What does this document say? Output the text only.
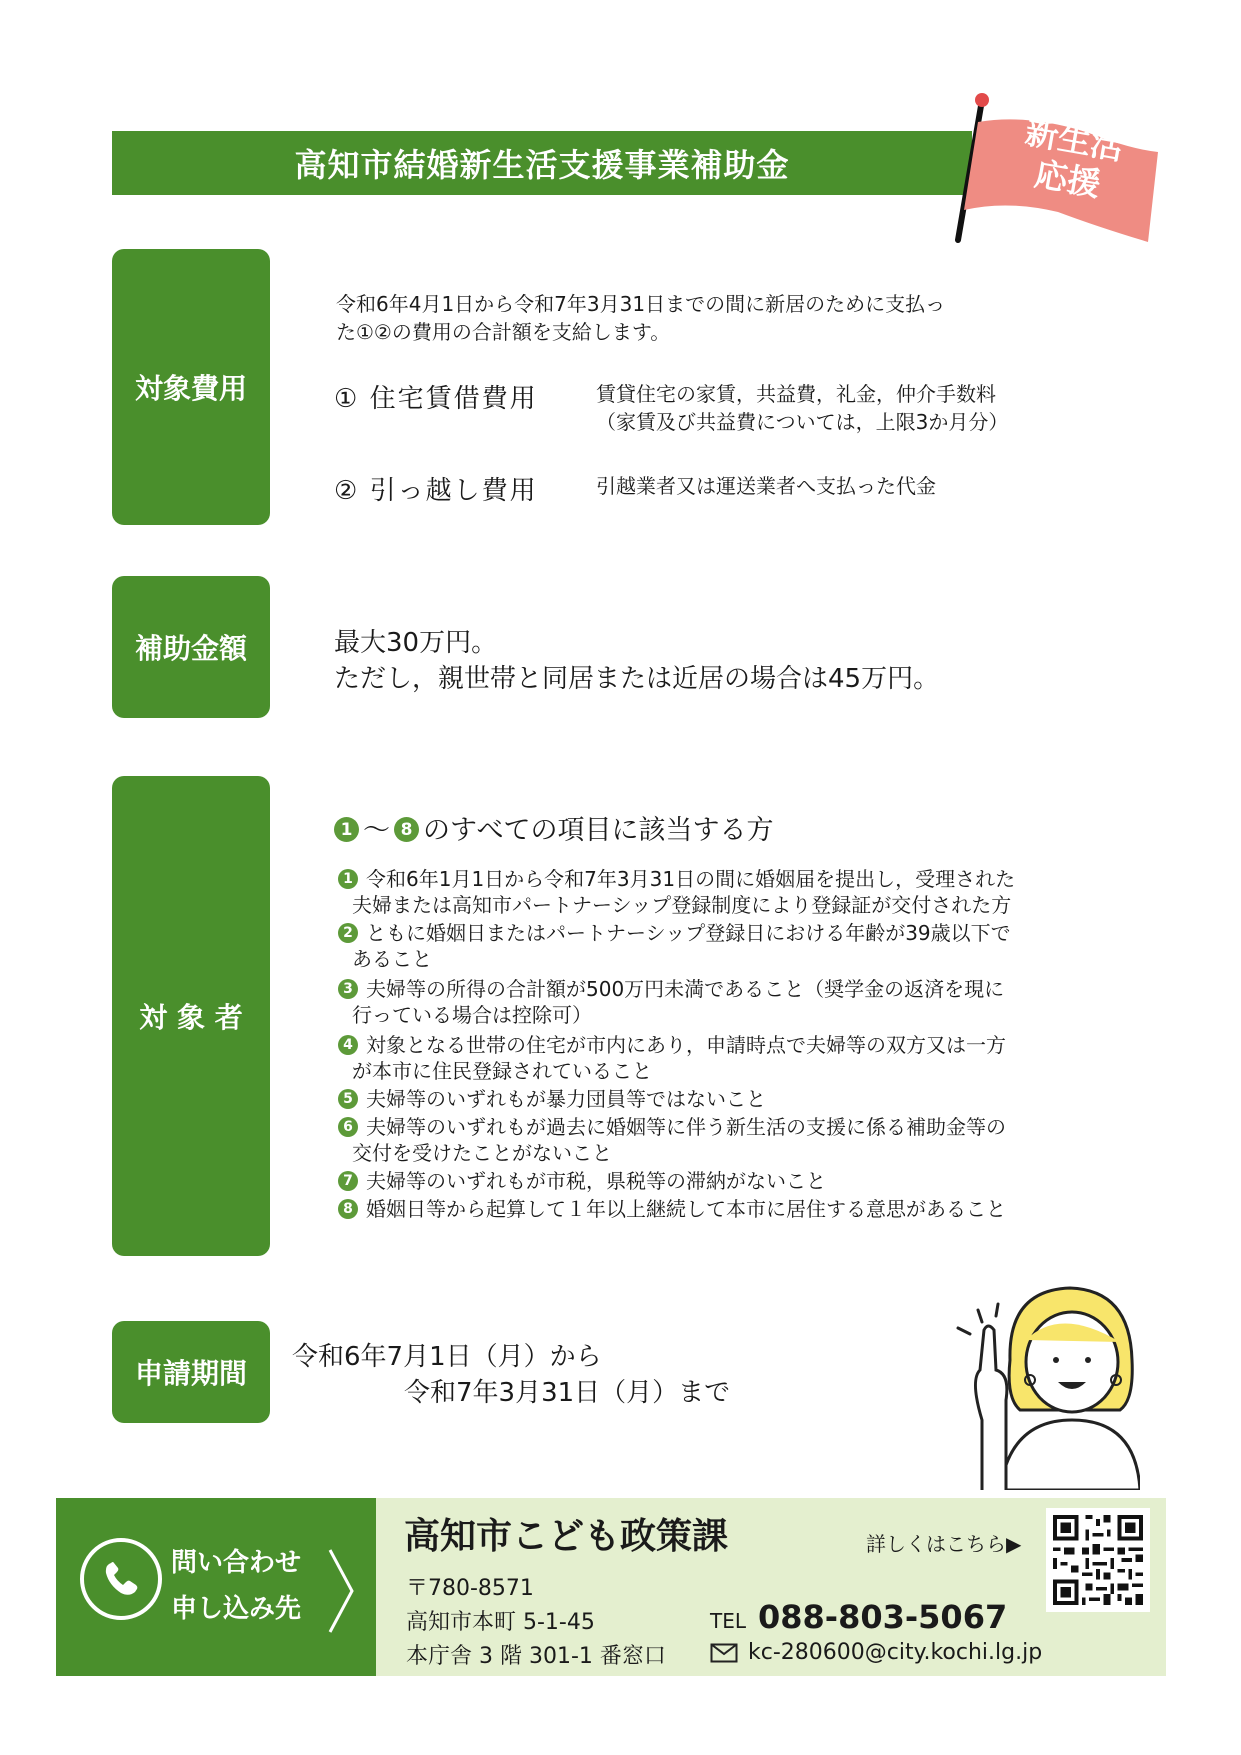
高知市結婚新生活支援事業補助金	新生活
応援
対象費用
令和6年4月1日から令和7年3月31日までの間に新居のために支払っ
た①②の費用の合計額を支給します。
① 住宅賃借費用	賃貸住宅の家賃，共益費，礼金，仲介手数料
（家賃及び共益費については，上限3か月分）
② 引っ越し費用	引越業者又は運送業者へ支払った代金
補助金額	最大30万円。
ただし，親世帯と同居または近居の場合は45万円。
対 象 者
1 〜 8 のすべての項目に該当する方
1 令和6年1月1日から令和7年3月31日の間に婚姻届を提出し，受理された
夫婦または高知市パートナーシップ登録制度により登録証が交付された方
2 ともに婚姻日またはパートナーシップ登録日における年齢が39歳以下で
あること
3 夫婦等の所得の合計額が500万円未満であること（奨学金の返済を現に
行っている場合は控除可）
4 対象となる世帯の住宅が市内にあり，申請時点で夫婦等の双方又は一方
が本市に住民登録されていること
5 夫婦等のいずれもが暴力団員等ではないこと
6 夫婦等のいずれもが過去に婚姻等に伴う新生活の支援に係る補助金等の
交付を受けたことがないこと
7 夫婦等のいずれもが市税，県税等の滞納がないこと
8 婚姻日等から起算して１年以上継続して本市に居住する意思があること
申請期間	令和6年7月1日（月）から
令和7年3月31日（月）まで
問い合わせ
申し込み先
高知市こども政策課	詳しくはこちら▶
〒780-8571
高知市本町 5-1-45
本庁舎 3 階 301-1 番窓口
TEL 088-803-5067
kc-280600@city.kochi.lg.jp
